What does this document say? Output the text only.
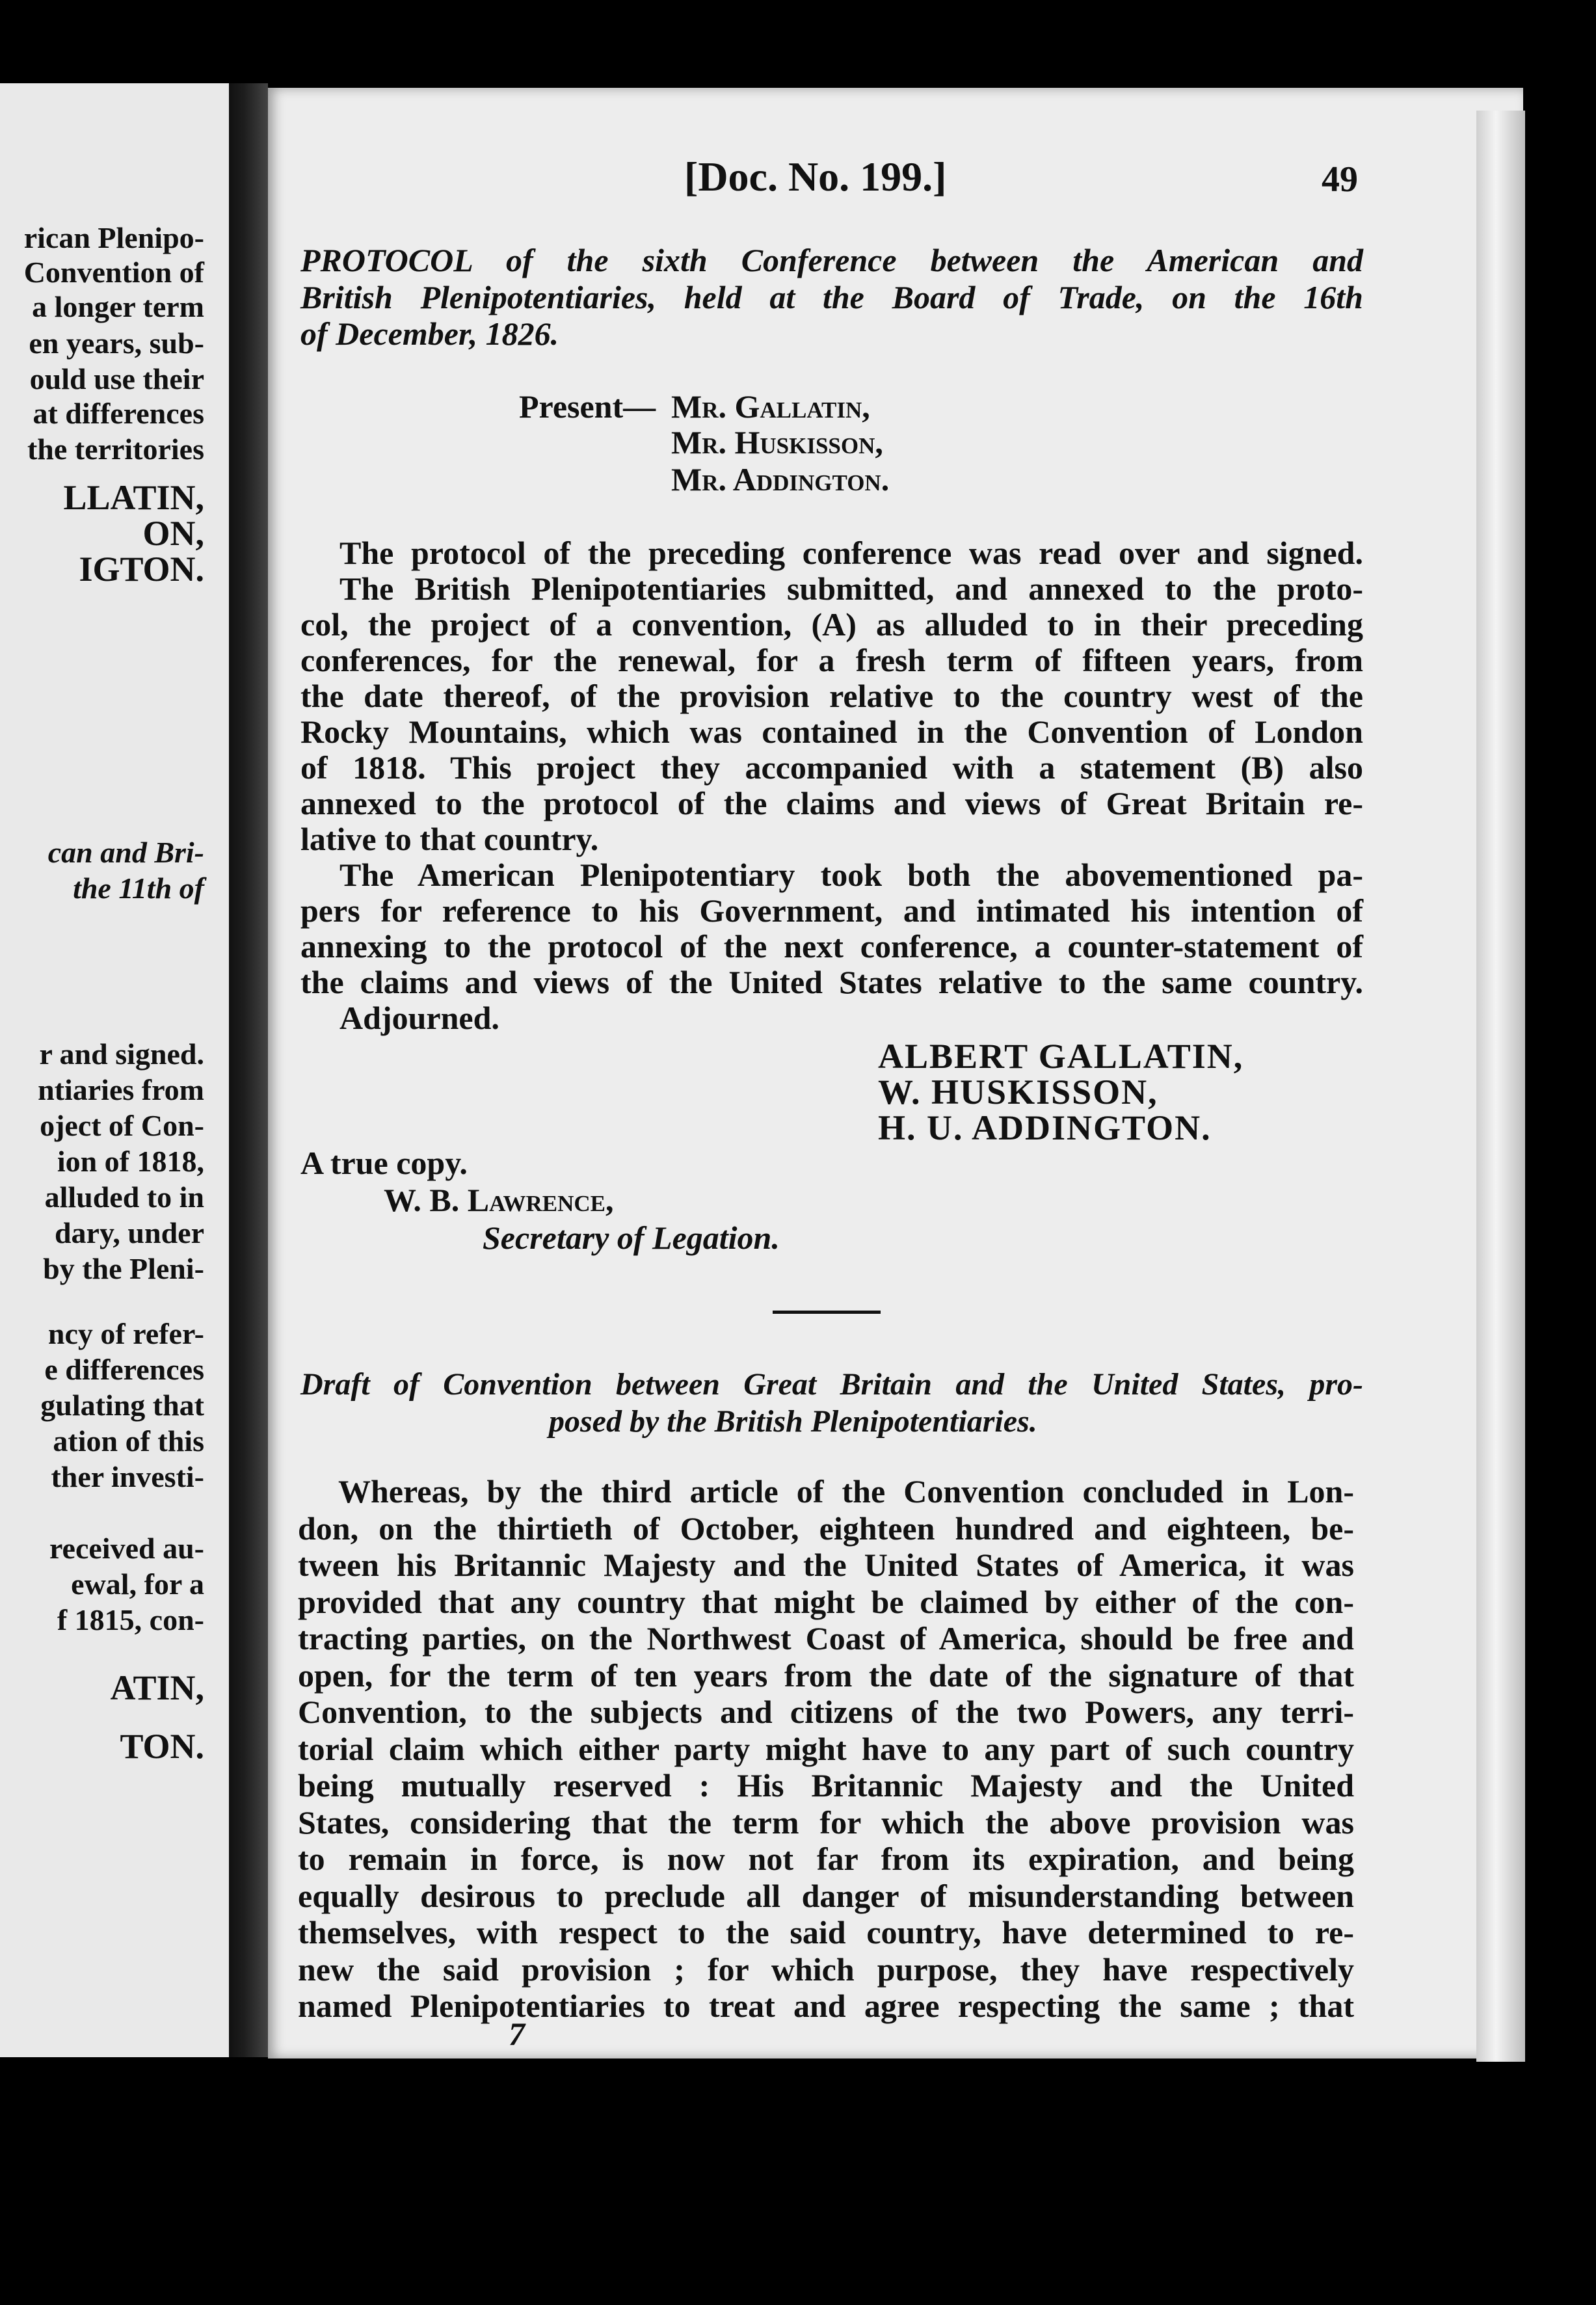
rican Plenipo-
Convention of
a longer term
en years, sub-
ould use their
at differences
the territories
LLATIN,
ON,
IGTON.
can and Bri-
the 11th of
r and signed.
ntiaries from
oject of Con-
ion of 1818,
alluded to in
dary, under
by the Pleni-
ncy of refer-
e differences
gulating that
ation of this
ther investi-
received au-
ewal, for a
f 1815, con-
ATIN,
TON.
[Doc. No. 199.]	49
PROTOCOL of the sixth Conference between the American and
British Plenipotentiaries, held at the Board of Trade, on the 16th
of December, 1826.
Present— Mr. Gallatin,
Mr. Huskisson,
Mr. Addington.
The protocol of the preceding conference was read over and signed.
The British Plenipotentiaries submitted, and annexed to the proto-
col, the project of a convention, (A) as alluded to in their preceding
conferences, for the renewal, for a fresh term of fifteen years, from
the date thereof, of the provision relative to the country west of the
Rocky Mountains, which was contained in the Convention of London
of 1818. This project they accompanied with a statement (B) also
annexed to the protocol of the claims and views of Great Britain re-
lative to that country.
The American Plenipotentiary took both the abovementioned pa-
pers for reference to his Government, and intimated his intention of
annexing to the protocol of the next conference, a counter-statement of
the claims and views of the United States relative to the same country.
Adjourned.
ALBERT GALLATIN,
W. HUSKISSON,
H. U. ADDINGTON.
A true copy.
W. B. Lawrence,
Secretary of Legation.
Draft of Convention between Great Britain and the United States, pro-
posed by the British Plenipotentiaries.
Whereas, by the third article of the Convention concluded in Lon-
don, on the thirtieth of October, eighteen hundred and eighteen, be-
tween his Britannic Majesty and the United States of America, it was
provided that any country that might be claimed by either of the con-
tracting parties, on the Northwest Coast of America, should be free and
open, for the term of ten years from the date of the signature of that
Convention, to the subjects and citizens of the two Powers, any terri-
torial claim which either party might have to any part of such country
being mutually reserved : His Britannic Majesty and the United
States, considering that the term for which the above provision was
to remain in force, is now not far from its expiration, and being
equally desirous to preclude all danger of misunderstanding between
themselves, with respect to the said country, have determined to re-
new the said provision ; for which purpose, they have respectively
named Plenipotentiaries to treat and agree respecting the same ; that
7
